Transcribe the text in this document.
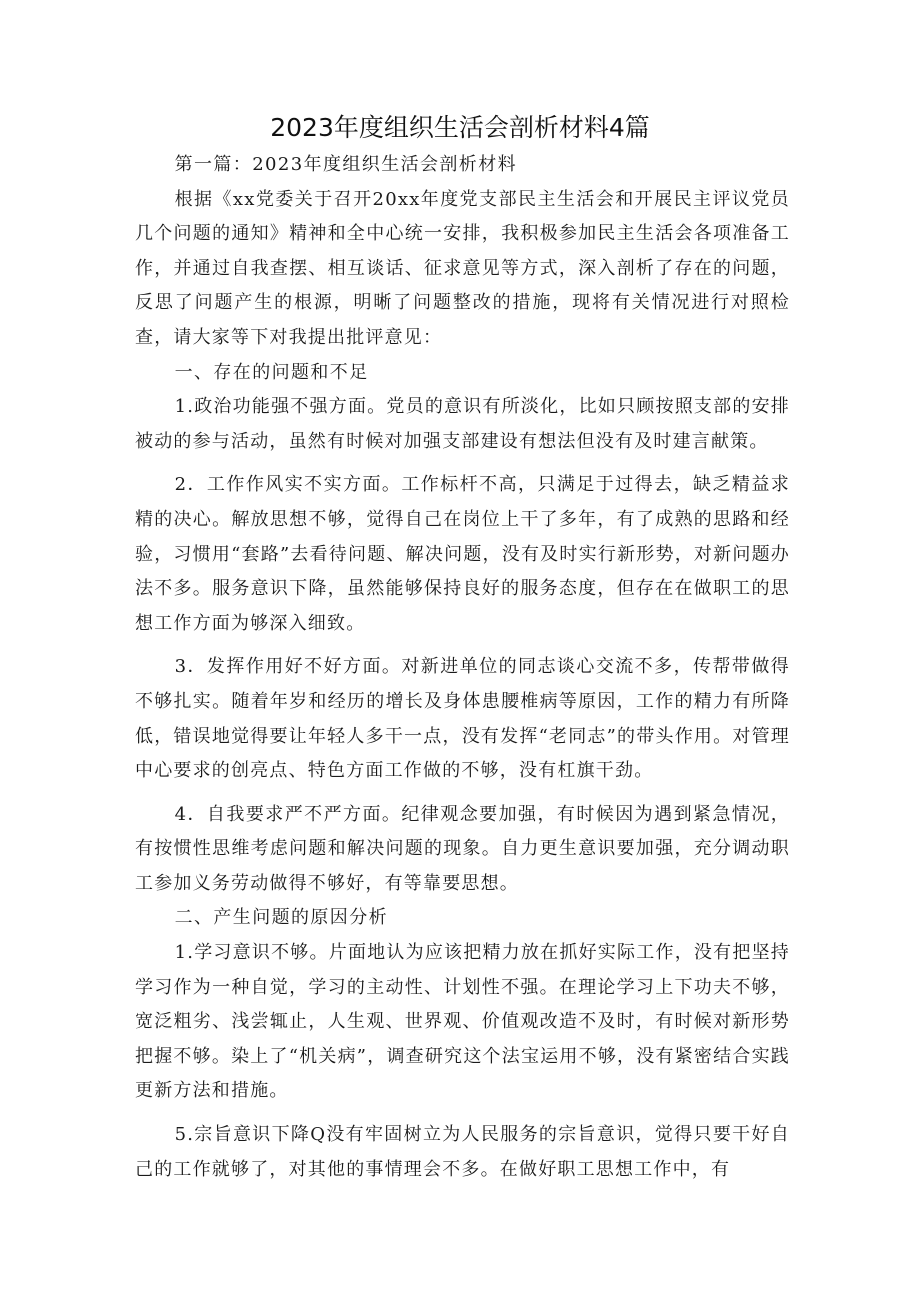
2023年度组织生活会剖析材料4篇

第一篇：2023年度组织生活会剖析材料

根据《xx党委关于召开20xx年度党支部民主生活会和开展民主评议党员几个问题的通知》精神和全中心统一安排，我积极参加民主生活会各项准备工作，并通过自我查摆、相互谈话、征求意见等方式，深入剖析了存在的问题，反思了问题产生的根源，明晰了问题整改的措施，现将有关情况进行对照检查，请大家等下对我提出批评意见：

一、存在的问题和不足

1.政治功能强不强方面。党员的意识有所淡化，比如只顾按照支部的安排被动的参与活动，虽然有时候对加强支部建设有想法但没有及时建言献策。

2．工作作风实不实方面。工作标杆不高，只满足于过得去，缺乏精益求精的决心。解放思想不够，觉得自己在岗位上干了多年，有了成熟的思路和经验，习惯用“套路”去看待问题、解决问题，没有及时实行新形势，对新问题办法不多。服务意识下降，虽然能够保持良好的服务态度，但存在在做职工的思想工作方面为够深入细致。

3．发挥作用好不好方面。对新进单位的同志谈心交流不多，传帮带做得不够扎实。随着年岁和经历的增长及身体患腰椎病等原因，工作的精力有所降低，错误地觉得要让年轻人多干一点，没有发挥“老同志”的带头作用。对管理中心要求的创亮点、特色方面工作做的不够，没有杠旗干劲。

4．自我要求严不严方面。纪律观念要加强，有时候因为遇到紧急情况，有按惯性思维考虑问题和解决问题的现象。自力更生意识要加强，充分调动职工参加义务劳动做得不够好，有等靠要思想。

二、产生问题的原因分析

1.学习意识不够。片面地认为应该把精力放在抓好实际工作，没有把坚持学习作为一种自觉，学习的主动性、计划性不强。在理论学习上下功夫不够，宽泛粗劣、浅尝辄止，人生观、世界观、价值观改造不及时，有时候对新形势把握不够。染上了“机关病”，调查研究这个法宝运用不够，没有紧密结合实践更新方法和措施。

5.宗旨意识下降Q没有牢固树立为人民服务的宗旨意识，觉得只要干好自己的工作就够了，对其他的事情理会不多。在做好职工思想工作中，有
